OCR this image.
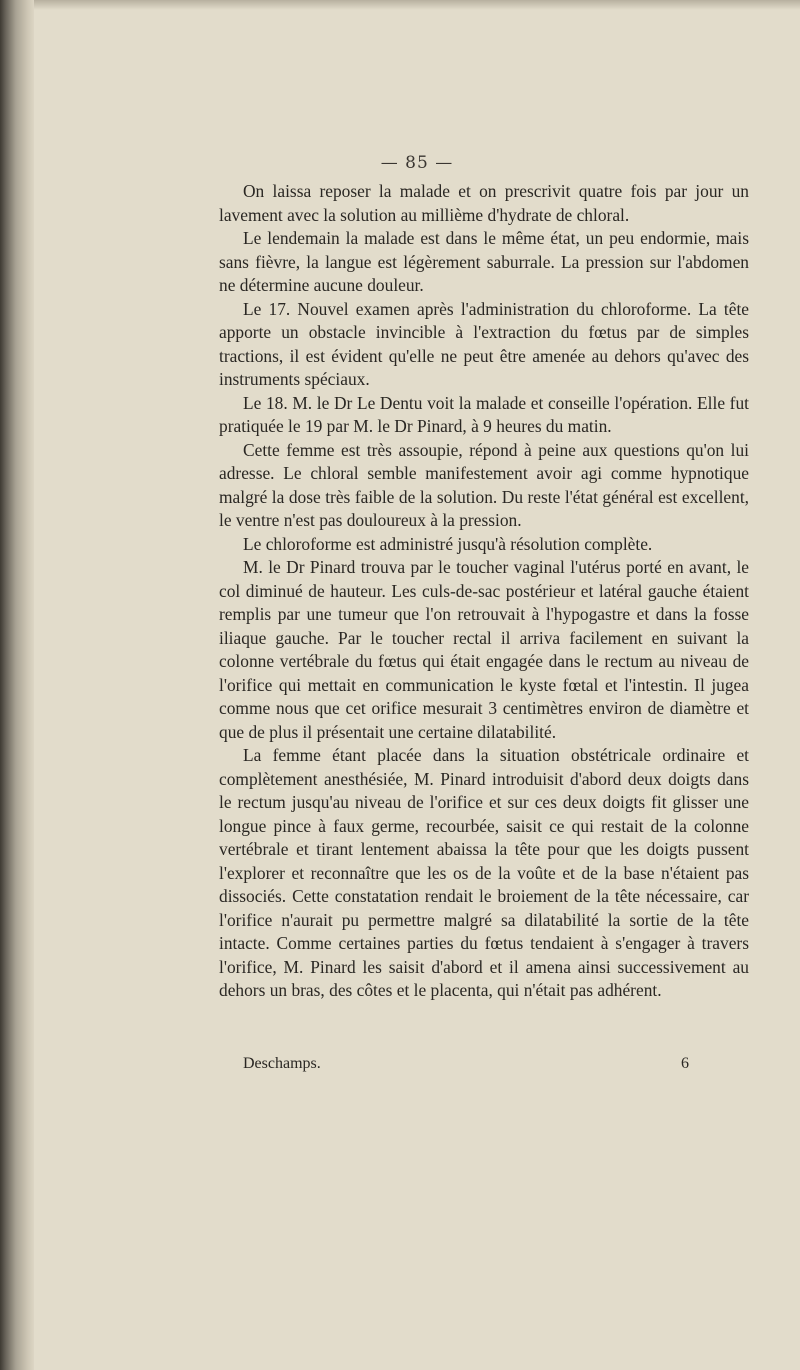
— 85 —

On laissa reposer la malade et on prescrivit quatre fois par jour un lavement avec la solution au millième d'hydrate de chloral.

Le lendemain la malade est dans le même état, un peu endormie, mais sans fièvre, la langue est légèrement saburrale. La pression sur l'abdomen ne détermine aucune douleur.

Le 17. Nouvel examen après l'administration du chloroforme. La tête apporte un obstacle invincible à l'extraction du fœtus par de simples tractions, il est évident qu'elle ne peut être amenée au dehors qu'avec des instruments spéciaux.

Le 18. M. le Dr Le Dentu voit la malade et conseille l'opération. Elle fut pratiquée le 19 par M. le Dr Pinard, à 9 heures du matin.

Cette femme est très assoupie, répond à peine aux questions qu'on lui adresse. Le chloral semble manifestement avoir agi comme hypnotique malgré la dose très faible de la solution. Du reste l'état général est excellent, le ventre n'est pas douloureux à la pression.

Le chloroforme est administré jusqu'à résolution complète.

M. le Dr Pinard trouva par le toucher vaginal l'utérus porté en avant, le col diminué de hauteur. Les culs-de-sac postérieur et latéral gauche étaient remplis par une tumeur que l'on retrouvait à l'hypogastre et dans la fosse iliaque gauche. Par le toucher rectal il arriva facilement en suivant la colonne vertébrale du fœtus qui était engagée dans le rectum au niveau de l'orifice qui mettait en communication le kyste fœtal et l'intestin. Il jugea comme nous que cet orifice mesurait 3 centimètres environ de diamètre et que de plus il présentait une certaine dilatabilité.

La femme étant placée dans la situation obstétricale ordinaire et complètement anesthésiée, M. Pinard introduisit d'abord deux doigts dans le rectum jusqu'au niveau de l'orifice et sur ces deux doigts fit glisser une longue pince à faux germe, recourbée, saisit ce qui restait de la colonne vertébrale et tirant lentement abaissa la tête pour que les doigts pussent l'explorer et reconnaître que les os de la voûte et de la base n'étaient pas dissociés. Cette constatation rendait le broiement de la tête nécessaire, car l'orifice n'aurait pu permettre malgré sa dilatabilité la sortie de la tête intacte. Comme certaines parties du fœtus tendaient à s'engager à travers l'orifice, M. Pinard les saisit d'abord et il amena ainsi successivement au dehors un bras, des côtes et le placenta, qui n'était pas adhérent.

Deschamps.	6
